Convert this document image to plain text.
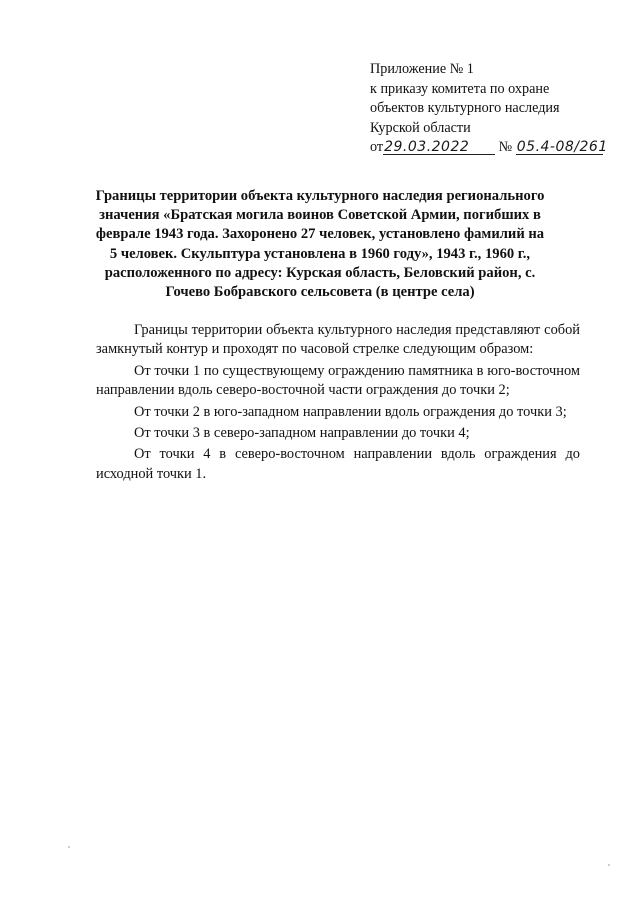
Приложение № 1
к приказу комитета по охране
объектов культурного наследия
Курской области
от29.03.2022 № 05.4-08/261
Границы территории объекта культурного наследия регионального значения «Братская могила воинов Советской Армии, погибших в феврале 1943 года. Захоронено 27 человек, установлено фамилий на 5 человек. Скульптура установлена в 1960 году», 1943 г., 1960 г., расположенного по адресу: Курская область, Беловский район, с. Гочево Бобравского сельсовета (в центре села)

Границы территории объекта культурного наследия представляют собой замкнутый контур и проходят по часовой стрелке следующим образом:

От точки 1 по существующему ограждению памятника в юго-восточном направлении вдоль северо-восточной части ограждения до точки 2;

От точки 2 в юго-западном направлении вдоль ограждения до точки 3;

От точки 3 в северо-западном направлении до точки 4;

От точки 4 в северо-восточном направлении вдоль ограждения до исходной точки 1.
